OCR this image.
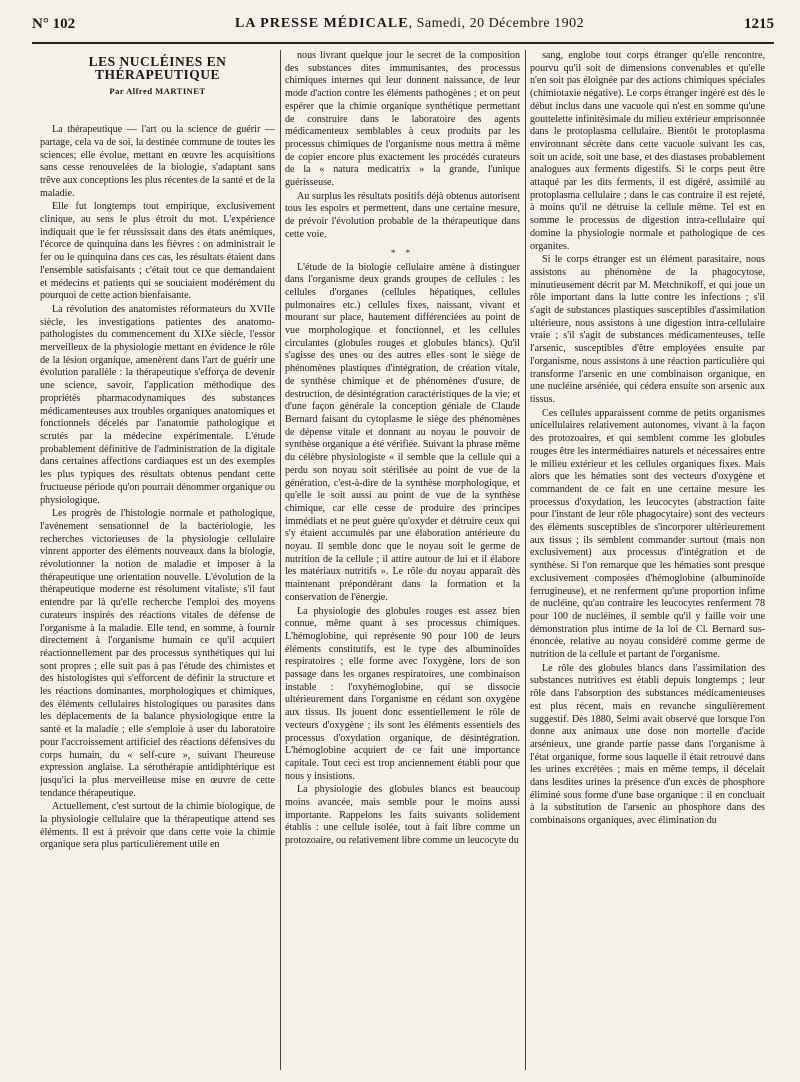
N° 102	LA PRESSE MÉDICALE, Samedi, 20 Décembre 1902	1215
LES NUCLÉINES EN THÉRAPEUTIQUE
Par Alfred MARTINET

La thérapeutique — l'art ou la science de guérir — partage, cela va de soi, la destinée commune de toutes les sciences; elle évolue, mettant en œuvre les acquisitions sans cesse renouvelées de la biologie, s'adaptant sans trêve aux conceptions les plus récentes de la santé et de la maladie.

Elle fut longtemps tout empirique, exclusivement clinique, au sens le plus étroit du mot. L'expérience indiquait que le fer réussissait dans des états anémiques, l'écorce de quinquina dans les fièvres : on administrait le fer ou le quinquina dans ces cas, les résultats étaient dans l'ensemble satisfaisants ; c'était tout ce que demandaient et médecins et patients qui se souciaient modérément du pourquoi de cette action bienfaisante.

La révolution des anatomistes réformateurs du XVIIe siècle, les investigations patientes des anatomo-pathologistes du commencement du XIXe siècle, l'essor merveilleux de la physiologie mettant en évidence le rôle de la lésion organique, amenèrent dans l'art de guérir une évolution parallèle : la thérapeutique s'efforça de devenir une science, savoir, l'application méthodique des propriétés pharmacodynamiques des substances médicamenteuses aux troubles organiques anatomiques et fonctionnels décelés par l'anatomie pathologique et scrutés par la médecine expérimentale. L'étude probablement définitive de l'administration de la digitale dans certaines affections cardiaques est un des exemples les plus typiques des résultats obtenus pendant cette fructueuse période qu'on pourrait dénommer organique ou physiologique.

Les progrès de l'histologie normale et pathologique, l'avénement sensationnel de la bactériologie, les recherches victorieuses de la physiologie cellulaire vinrent apporter des éléments nouveaux dans la biologie, révolutionner la notion de maladie et imposer à la thérapeutique une orientation nouvelle. L'évolution de la thérapeutique moderne est résolument vitaliste, s'il faut entendre par là qu'elle recherche l'emploi des moyens curateurs inspirés des réactions vitales de défense de l'organisme à la maladie. Elle tend, en somme, à fournir directement à l'organisme humain ce qu'il acquiert réactionnellement par des processus synthétiques qui lui sont propres ; elle suit pas à pas l'étude des chimistes et des histologistes qui s'efforcent de définir la structure et les réactions dominantes, morphologiques et chimiques, des éléments cellulaires histologiques ou parasites dans les déplacements de la balance physiologique entre la santé et la maladie ; elle s'emploie à user du laboratoire pour l'accroissement artificiel des réactions défensives du corps humain, du « self-cure », suivant l'heureuse expression anglaise. La sérothérapie antidiphtérique est jusqu'ici la plus merveilleuse mise en œuvre de cette tendance thérapeutique.

Actuellement, c'est surtout de la chimie biologique, de la physiologie cellulaire que la thérapeutique attend ses éléments. Il est à prévoir que dans cette voie la chimie organique sera plus particulièrement utile en

nous livrant quelque jour le secret de la composition des substances dites immunisantes, des processus chimiques internes qui leur donnent naissance, de leur mode d'action contre les éléments pathogènes ; et on peut espérer que la chimie organique synthétique permettant de construire dans le laboratoire des agents médicamenteux semblables à ceux produits par les processus chimiques de l'organisme nous mettra à même de copier encore plus exactement les procédés curateurs de la « natura medicatrix » la grande, l'unique guérisseuse.

Au surplus les résultats positifs déjà obtenus autorisent tous les espoirs et permettent, dans une certaine mesure, de prévoir l'évolution probable de la thérapeutique dans cette voie.

* *

L'étude de la biologie cellulaire amène à distinguer dans l'organisme deux grands groupes de cellules : les cellules d'organes (cellules hépatiques, cellules pulmonaires etc.) cellules fixes, naissant, vivant et mourant sur place, hautement différenciées au point de vue morphologique et fonctionnel, et les cellules circulantes (globules rouges et globules blancs). Qu'il s'agisse des unes ou des autres elles sont le siège de phénomènes plastiques d'intégration, de création vitale, de synthèse chimique et de phénomènes d'usure, de destruction, de désintégration caractéristiques de la vie; et d'une façon générale la conception géniale de Claude Bernard faisant du cytoplasme le siège des phénomènes de dépense vitale et donnant au noyau le pouvoir de synthèse organique a été vérifiée. Suivant la phrase même du célèbre physiologiste « il semble que la cellule qui a perdu son noyau soit stérilisée au point de vue de la génération, c'est-à-dire de la synthèse morphologique, et qu'elle le soit aussi au point de vue de la synthèse chimique, car elle cesse de produire des principes immédiats et ne peut guère qu'oxyder et détruire ceux qui s'y étaient accumulés par une élaboration antérieure du noyau. Il semble donc que le noyau soit le germe de nutrition de la cellule ; il attire autour de lui et il élabore les matériaux nutritifs ». Le rôle du noyau apparaît dès maintenant prépondérant dans la formation et la conservation de l'énergie.

La physiologie des globules rouges est assez bien connue, même quant à ses processus chimiques. L'hémoglobine, qui représente 90 pour 100 de leurs éléments constitutifs, est le type des albuminoïdes respiratoires ; elle forme avec l'oxygène, lors de son passage dans les organes respiratoires, une combinaison instable : l'oxyhémoglobine, qui se dissocie ultérieurement dans l'organisme en cédant son oxygène aux tissus. Ils jouent donc essentiellement le rôle de vecteurs d'oxygène ; ils sont les éléments essentiels des processus d'oxydation organique, de désintégration. L'hémoglobine acquiert de ce fait une importance capitale. Tout ceci est trop anciennement établi pour que nous y insistions.

La physiologie des globules blancs est beaucoup moins avancée, mais semble pour le moins aussi importante. Rappelons les faits suivants solidement établis : une cellule isolée, tout à fait libre comme un protozoaire, ou relativement libre comme un leucocyte du

sang, englobe tout corps étranger qu'elle rencontre, pourvu qu'il soit de dimensions convenables et qu'elle n'en soit pas éloignée par des actions chimiques spéciales (chimiotaxie négative). Le corps étranger ingéré est dès le début inclus dans une vacuole qui n'est en somme qu'une gouttelette infinitésimale du milieu extérieur emprisonnée dans le protoplasma cellulaire. Bientôt le protoplasma environnant sécrète dans cette vacuole suivant les cas, soit un acide, soit une base, et des diastases probablement analogues aux ferments digestifs. Si le corps peut être attaqué par les dits ferments, il est digéré, assimilé au protoplasma cellulaire ; dans le cas contraire il est rejeté, à moins qu'il ne détruise la cellule même. Tel est en somme le processus de digestion intra-cellulaire qui domine la physiologie normale et pathologique de ces organites.

Si le corps étranger est un élément parasitaire, nous assistons au phénomène de la phagocytose, minutieusement décrit par M. Metchnikoff, et qui joue un rôle important dans la lutte contre les infections ; s'il s'agit de substances plastiques susceptibles d'assimilation ultérieure, nous assistons à une digestion intra-cellulaire vraie ; s'il s'agit de substances médicamenteuses, telle l'arsenic, susceptibles d'être employées ensuite par l'organisme, nous assistons à une réaction particulière qui transforme l'arsenic en une combinaison organique, en une nucléine arséniée, qui cédera ensuite son arsenic aux tissus.

Ces cellules apparaissent comme de petits organismes unicellulaires relativement autonomes, vivant à la façon des protozoaires, et qui semblent comme les globules rouges être les intermédiaires naturels et nécessaires entre le milieu extérieur et les cellules organiques fixes. Mais alors que les hématies sont des vecteurs d'oxygène et commandent de ce fait en une certaine mesure les processus d'oxydation, les leucocytes (abstraction faite pour l'instant de leur rôle phagocytaire) sont des vecteurs des éléments susceptibles de s'incorporer ultérieurement aux tissus ; ils semblent commander surtout (mais non exclusivement) aux processus d'intégration et de synthèse. Si l'on remarque que les hématies sont presque exclusivement composées d'hémoglobine (albuminoïde ferrugineuse), et ne renferment qu'une proportion infime de nucléine, qu'au contraire les leucocytes renferment 78 pour 100 de nucléines, il semble qu'il y faille voir une démonstration plus intime de la loi de Cl. Bernard sus-énoncée, relative au noyau considéré comme germe de nutrition de la cellule et partant de l'organisme.

Le rôle des globules blancs dans l'assimilation des substances nutritives est établi depuis longtemps ; leur rôle dans l'absorption des substances médicamenteuses est plus récent, mais en revanche singulièrement suggestif. Dès 1880, Selmi avait observé que lorsque l'on donne aux animaux une dose non mortelle d'acide arsénieux, une grande partie passe dans l'organisme à l'état organique, forme sous laquelle il était retrouvé dans les urines excrétées ; mais en même temps, il décelait dans lesdites urines la présence d'un excès de phosphore éliminé sous forme d'une base organique : il en concluait à la substitution de l'arsenic au phosphore dans des combinaisons organiques, avec élimination du
